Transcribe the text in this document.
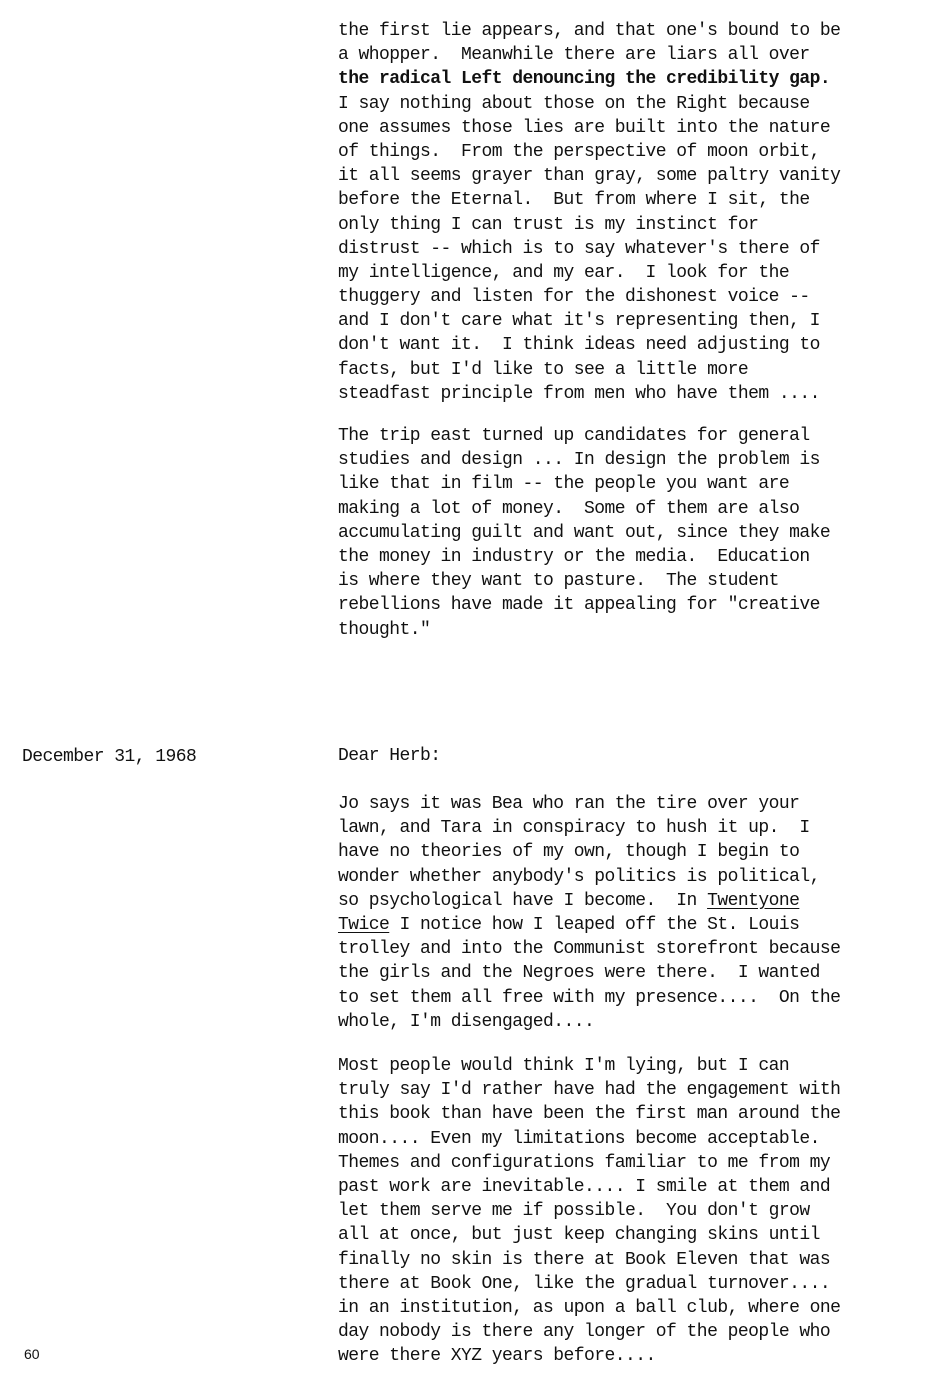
the first lie appears, and that one's bound to be
a whopper.  Meanwhile there are liars all over
the radical Left denouncing the credibility gap.
I say nothing about those on the Right because
one assumes those lies are built into the nature
of things.  From the perspective of moon orbit,
it all seems grayer than gray, some paltry vanity
before the Eternal.  But from where I sit, the
only thing I can trust is my instinct for
distrust -- which is to say whatever's there of
my intelligence, and my ear.  I look for the
thuggery and listen for the dishonest voice --
and I don't care what it's representing then, I
don't want it.  I think ideas need adjusting to
facts, but I'd like to see a little more
steadfast principle from men who have them ....
The trip east turned up candidates for general
studies and design ... In design the problem is
like that in film -- the people you want are
making a lot of money.  Some of them are also
accumulating guilt and want out, since they make
the money in industry or the media.  Education
is where they want to pasture.  The student
rebellions have made it appealing for "creative
thought."
December 31, 1968	Dear Herb:
Jo says it was Bea who ran the tire over your
lawn, and Tara in conspiracy to hush it up.  I
have no theories of my own, though I begin to
wonder whether anybody's politics is political,
so psychological have I become.  In Twentyone
Twice I notice how I leaped off the St. Louis
trolley and into the Communist storefront because
the girls and the Negroes were there.  I wanted
to set them all free with my presence....  On the
whole, I'm disengaged....
Most people would think I'm lying, but I can
truly say I'd rather have had the engagement with
this book than have been the first man around the
moon.... Even my limitations become acceptable.
Themes and configurations familiar to me from my
past work are inevitable.... I smile at them and
let them serve me if possible.  You don't grow
all at once, but just keep changing skins until
finally no skin is there at Book Eleven that was
there at Book One, like the gradual turnover....
in an institution, as upon a ball club, where one
day nobody is there any longer of the people who
were there XYZ years before....
60
